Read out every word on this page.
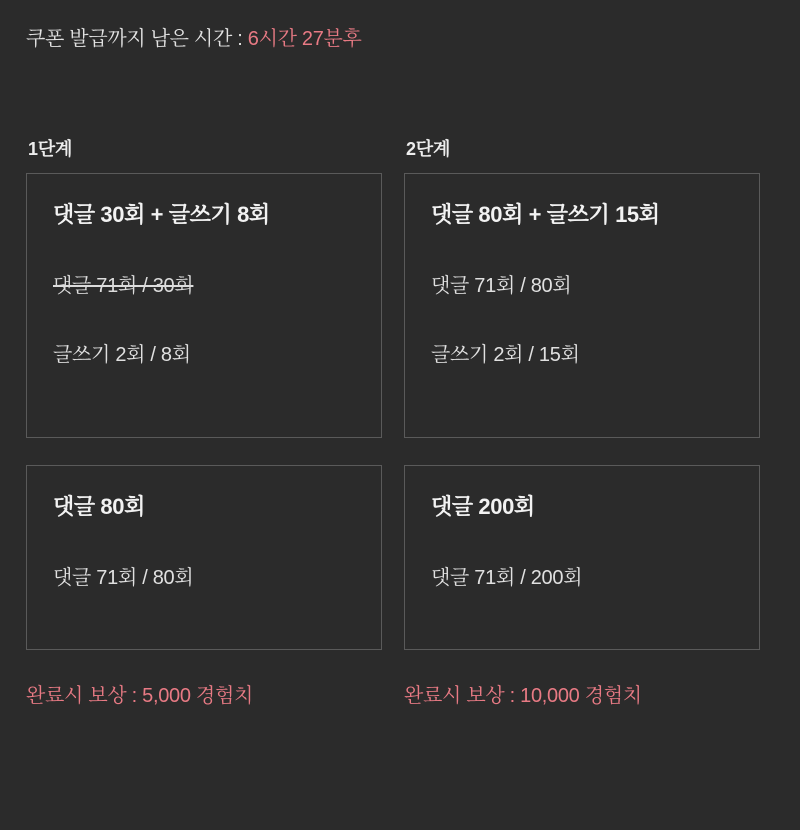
쿠폰 발급까지 남은 시간 : 6시간 27분후
1단계
댓글 30회 + 글쓰기 8회
댓글 71회 / 30회
글쓰기 2회 / 8회
댓글 80회
댓글 71회 / 80회
완료시 보상 : 5,000 경험치
2단계
댓글 80회 + 글쓰기 15회
댓글 71회 / 80회
글쓰기 2회 / 15회
댓글 200회
댓글 71회 / 200회
완료시 보상 : 10,000 경험치
